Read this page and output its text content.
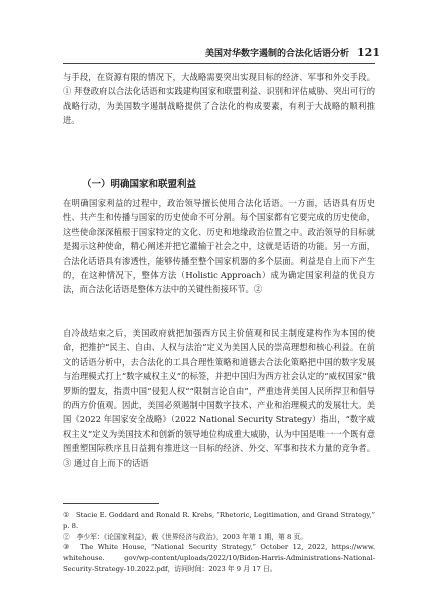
美国对华数字遏制的合法化话语分析 121

与手段，在资源有限的情况下，大战略需要突出实现目标的经济、军事和外交手段。① 拜登政府以合法化话语和实践建构国家和联盟利益、识别和评估威胁、突出可行的战略行动，为美国数字遏制战略提供了合法化的构成要素，有利于大战略的顺利推进。

（一）明确国家和联盟利益

在明确国家利益的过程中，政治领导擅长使用合法化话语。一方面，话语具有历史性、共产生和传播与国家的历史使命不可分割。每个国家都有它要完成的历史使命，这些使命深深植根于国家特定的文化、历史和地缘政治位置之中。政治领导的目标就是揭示这种使命，精心阐述并把它灌输于社会之中，这就是话语的功能。另一方面，合法化话语具有渗透性，能够传播至整个国家机器的多个层面。利益是自上而下产生的，在这种情况下，整体方法（Holistic Approach）成为确定国家利益的优良方法，而合法化话语是整体方法中的关键性衔接环节。②

自冷战结束之后，美国政府就把加强西方民主价值观和民主制度建构作为本国的使命，把推护“民主、自由、人权与法治”定义为美国人民的崇高理想和核心利益。在前文的话语分析中，去合法化的工具合理性策略和道德去合法化策略把中国的数字发展与治理模式打上“数字威权主义”的标签，并把中国归为西方社会认定的“威权国家”俄罗斯的盟友，指责中国“侵犯人权”“限制言论自由”，严重违背美国人民所捍卫和倡导的西方价值观。因此，美国必须遏制中国数字技术、产业和治理模式的发展壮大。美国《2022 年国家安全战略》（2022 National Security Strategy）指出，“数字威权主义”定义为美国技术和创新的领导地位构成重大威胁，认为中国是唯一一个既有意图重塑国际秩序且日益拥有推进这一目标的经济、外交、军事和技术力量的竞争者。③ 通过自上而下的话语

①　Stacie E. Goddard and Ronald R. Krebs, “Rhetoric, Legitimation, and Grand Strategy,” p. 8.

②　李少军：《论国家利益》，载《世界经济与政治》，2003 年第 1 期，第 8 页。

③　The White House, “National Security Strategy,” October 12, 2022, https://www. whitehouse. gov/wp-content/uploads/2022/10/Biden-Harris-Administrations-National-Security-Strategy-10.2022.pdf，访问时间：2023 年 9 月 17 日。
